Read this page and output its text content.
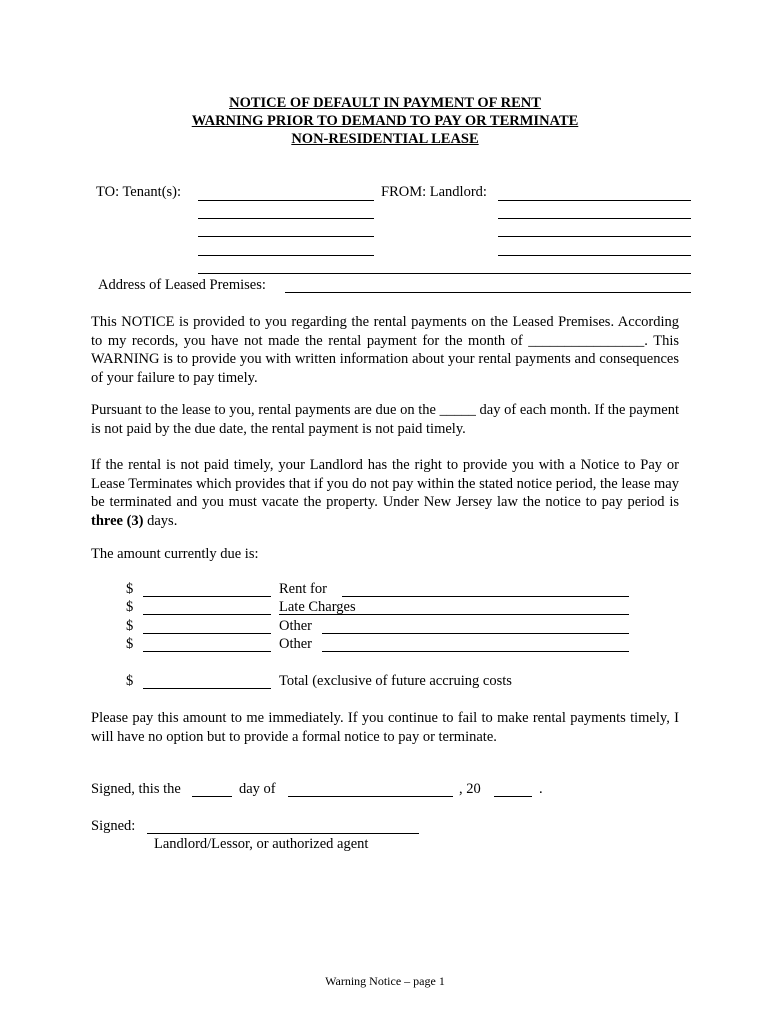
NOTICE OF DEFAULT IN PAYMENT OF RENT
WARNING PRIOR TO DEMAND TO PAY OR TERMINATE
NON-RESIDENTIAL LEASE
TO: Tenant(s):	FROM: Landlord:
Address of Leased Premises:
This NOTICE is provided to you regarding the rental payments on the Leased Premises. According to my records, you have not made the rental payment for the month of ________________. This WARNING is to provide you with written information about your rental payments and consequences of your failure to pay timely.
Pursuant to the lease to you, rental payments are due on the _____ day of each month. If the payment is not paid by the due date, the rental payment is not paid timely.
If the rental is not paid timely, your Landlord has the right to provide you with a Notice to Pay or Lease Terminates which provides that if you do not pay within the stated notice period, the lease may be terminated and you must vacate the property. Under New Jersey law the notice to pay period is three (3) days.
The amount currently due is:
$	Rent for
$	Late Charges
$	Other
$	Other
$	Total (exclusive of future accruing costs
Please pay this amount to me immediately. If you continue to fail to make rental payments timely, I will have no option but to provide a formal notice to pay or terminate.
Signed, this the	day of	, 20	.
Signed:
Landlord/Lessor, or authorized agent
Warning Notice – page 1
